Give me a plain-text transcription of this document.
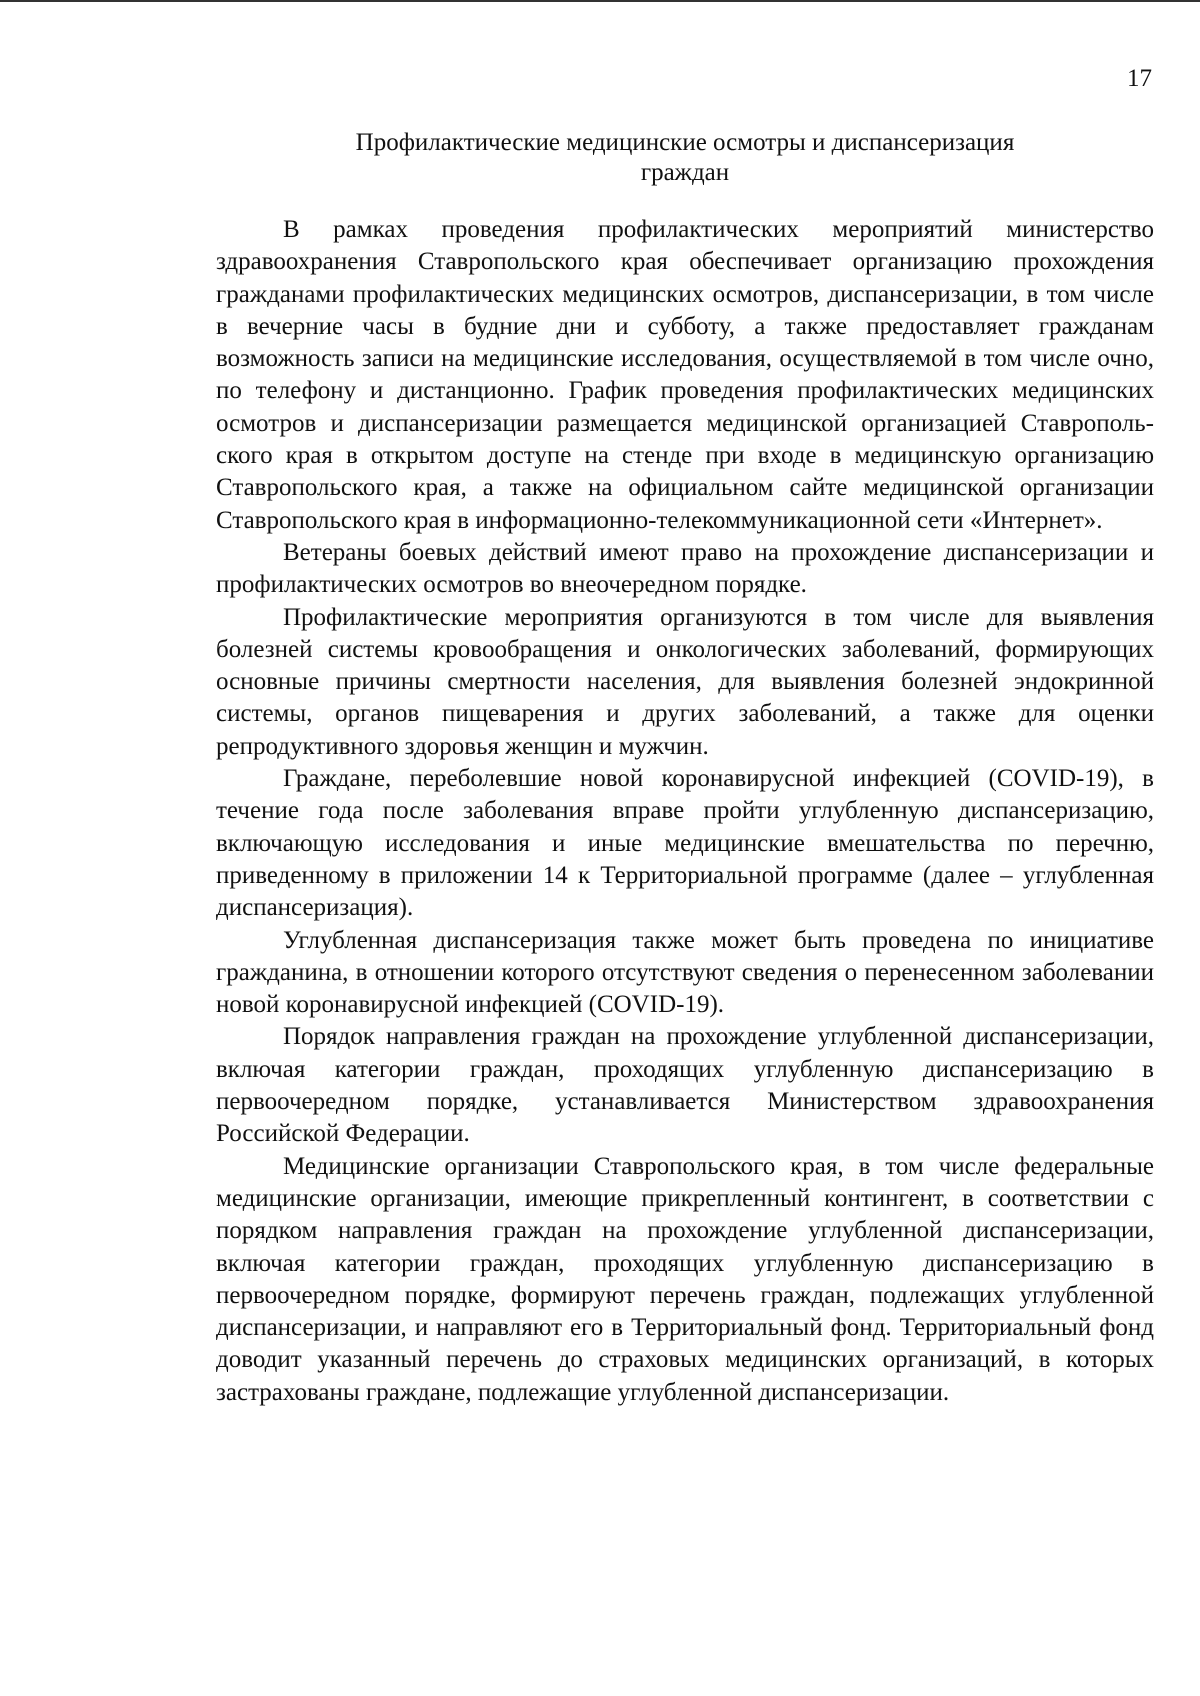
17
Профилактические медицинские осмотры и диспансеризация
граждан

В рамках проведения профилактических мероприятий министерство здравоохранения Ставропольского края обеспечивает организацию прохождения гражданами профилактических медицинских осмотров, диспансеризации, в том числе в вечерние часы в будние дни и субботу, а также предоставляет гражданам возможность записи на медицинские исследования, осуществляемой в том числе очно, по телефону и дистанционно. График проведения профилактических медицинских осмотров и диспансеризации размещается медицинской организацией Ставропольского края в открытом доступе на стенде при входе в медицинскую организацию Ставропольского края, а также на официальном сайте медицинской организации Ставропольского края в информационно-телекоммуникационной сети «Интернет».

Ветераны боевых действий имеют право на прохождение диспансеризации и профилактических осмотров во внеочередном порядке.

Профилактические мероприятия организуются в том числе для выявления болезней системы кровообращения и онкологических заболеваний, формирующих основные причины смертности населения, для выявления болезней эндокринной системы, органов пищеварения и других заболеваний, а также для оценки репродуктивного здоровья женщин и мужчин.

Граждане, переболевшие новой коронавирусной инфекцией (COVID-19), в течение года после заболевания вправе пройти углубленную диспансеризацию, включающую исследования и иные медицинские вмешательства по перечню, приведенному в приложении 14 к Территориальной программе (далее – углубленная диспансеризация).

Углубленная диспансеризация также может быть проведена по инициативе гражданина, в отношении которого отсутствуют сведения о перенесенном заболевании новой коронавирусной инфекцией (COVID-19).

Порядок направления граждан на прохождение углубленной диспансеризации, включая категории граждан, проходящих углубленную диспансеризацию в первоочередном порядке, устанавливается Министерством здравоохранения Российской Федерации.

Медицинские организации Ставропольского края, в том числе федеральные медицинские организации, имеющие прикрепленный контингент, в соответствии с порядком направления граждан на прохождение углубленной диспансеризации, включая категории граждан, проходящих углубленную диспансеризацию в первоочередном порядке, формируют перечень граждан, подлежащих углубленной диспансеризации, и направляют его в Территориальный фонд. Территориальный фонд доводит указанный перечень до страховых медицинских организаций, в которых застрахованы граждане, подлежащие углубленной диспансеризации.
